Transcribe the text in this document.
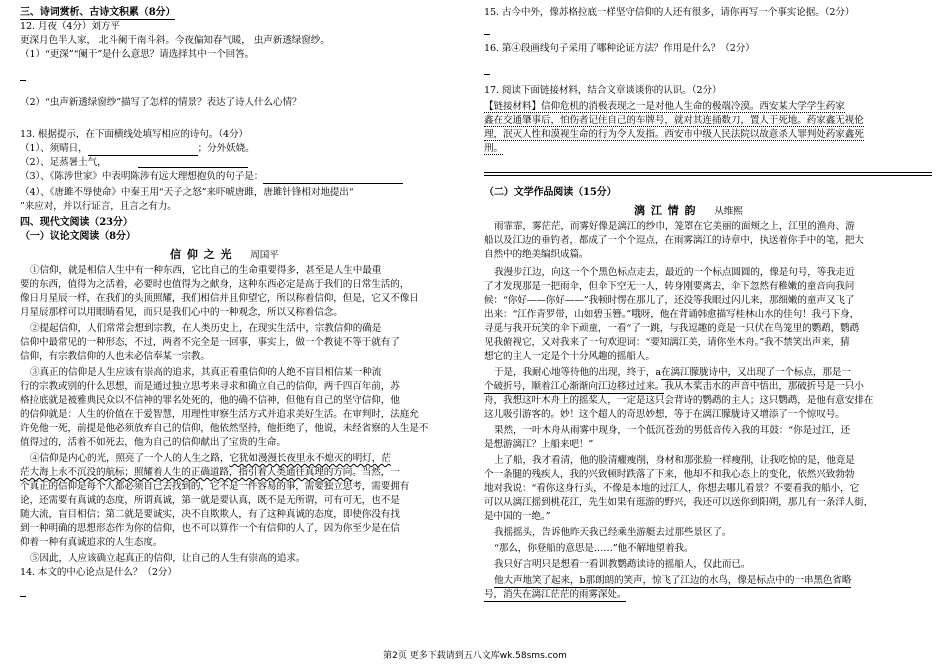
三、诗词赏析、古诗文积累（8分）
12. 月夜（4分）刘方平
更深月色半人家， 北斗阑干南斗斜。今夜偏知春气暖， 虫声新透绿窗纱。
（1）“更深”“阑干”是什么意思？请选择其中一个回答。
（2）“虫声新透绿窗纱”描写了怎样的情景？表达了诗人什么心情？
13. 根据提示，在下面横线处填写相应的诗句。（4分）
（1）、须晴日，	；分外妖娆。
（2）、足蒸暑土气，
（3）、《陈涉世家》中表明陈涉有远大理想抱负的句子是：
（4）、《唐雎不辱使命》中秦王用“天子之怒”来吓唬唐雎，唐雎针锋相对地提出“
”来应对，并以行证言，且言之有力。
四、现代文阅读（23分）
（一）议论文阅读（8分）
信 仰 之 光 周国平
①信仰，就是相信人生中有一种东西，它比自己的生命重要得多，甚至是人生中最重
要的东西，值得为之活着，必要时也值得为之献身，这种东西必定是高于我们的日常生活的，
像日月星辰一样，在我们的头顶照耀，我们相信并且仰望它，所以称着信仰，但是，它又不像日
月星辰那样可以用眼睛看见，而只是我们心中的一种观念，所以又称着信念。
②提起信仰，人们常常会想到宗教，在人类历史上，在现实生活中，宗教信仰的确是
信仰中最常见的一种形态，不过，两者不完全是一回事，事实上，做一个教徒不等于就有了
信仰，有宗教信仰的人也未必信奉某一宗教。
③真正的信仰是人生应该有崇高的追求，其真正看重信仰的人绝不盲目相信某一种流
行的宗教或别的什么思想，而是通过独立思考来寻求和确立自己的信仰，两千四百年前，苏
格拉底就是被雅典民众以不信神的罪名处死的，他的确不信神，但他有自己的坚守信仰，他
的信仰就是：人生的价值在于爱智慧，用理性审察生活方式并追求美好生活。在审判时，法庭允
许免他一死，前提是他必须放弃自己的信仰，他依然坚持，他拒绝了，他说，未经省察的人生是不
值得过的，活着不如死去，他为自己的信仰献出了宝贵的生命。
④信仰是内心的光，照亮了一个人的人生之路，它犹如漫漫长夜里永不熄灭的明灯，茫
茫大海上永不沉没的航标；照耀着人生的正确道路，指引着人类通往真理的方向。当然，一
个真正的信仰是每个人都必须自己去找到的，它不是一件容易的事，需要独立思考，需要拥有
论，还需要有真诚的态度，所谓真诚，第一就是要认真，既不是无所谓，可有可无，也不是
随大流，盲目相信；第二就是要诚实，决不自欺欺人，有了这种真诚的态度，即使你没有找
到一种明确的思想形态作为你的信仰，也不可以算作一个有信仰的人了，因为你至少是在信
仰着一种有真诚追求的人生态度。
⑤因此，人应该确立起真正的信仰，让自己的人生有崇高的追求。
14. 本文的中心论点是什么？（2分）
15. 古今中外，像苏格拉底一样坚守信仰的人还有很多，请你再写一个事实论据。（2分）
16. 第④段画线句子采用了哪种论证方法？作用是什么？（2分）
17. 阅读下面链接材料，结合文章谈谈你的认识。（2分）
【链接材料】信仰危机的消极表现之一是对他人生命的极端冷漠。西安某大学学生药家
鑫在交通肇事后，怕伤者记住自己的车牌号，就对其连捅数刀，置人于死地。药家鑫无视伦
理，泯灭人性和漠视生命的行为令人发指。西安市中级人民法院以故意杀人罪判处药家鑫死
刑。
（二）文学作品阅读（15分）
漓 江 情 韵 从维熙
雨霏霏，雾茫茫，而雾好像是漓江的纱巾，笼罩在它美丽的面颊之上，江里的渔舟、游
船以及江边的垂钓者，都成了一个个逗点，在雨雾漓江的诗章中，执送着你手中的笔，把大
自然中的绝美编织成篇。
我漫步江边，向这一个个黑色标点走去，最近的一个标点圆圆的，像是句号，等我走近
了才发现那是一把雨伞，但伞下空无一人，转身刚要离去，伞下忽然有稚嫩的童音向我问
候：“你好——你好——”我顿时愣在那儿了，还没等我眼过闪儿来，那细嫩的童声又飞了
出来：“江作青罗带，山如碧玉簪。”哦呀，他在背诵韩愈描写桂林山水的佳句！我弓下身，
寻觅与我开玩笑的伞下顽童，一看“了一跳，与我逗趣的竟是一只伏在鸟笼里的鹦鹉，鹦鹉
见我俯视它，又对我来了一句欢迎词：“要知漓江美，请你坐木舟。”我不禁笑出声来，猜
想它的主人一定是个十分风趣的摇船人。
于是，我耐心地等待他的出现，终于，a在漓江朦胧诗中，又出现了一个标点，那是一
个破折号，顺着江心渐渐向江边移过过来。我从木桨击水的声音中悟出，那破折号是一只小
舟，我想这叶木舟上的摇桨人，一定是这只会背诗的鹦鹉的主人；这只鹦鹉，是他有意安排在
这儿吸引游客的。妙！这个超人的奇思妙想，等于在漓江朦胧诗又增添了一个惊叹号。
果然，一叶木舟从雨雾中现身，一个低沉苍劲的男低音传入我的耳鼓：“你是过江，还
是想游漓江？上船来吧！”
上了船，我才看清，他的脸清癯瘦削，身材和那张脸一样瘦削，让我吃惊的是，他竟是
个一条腿的残疾人，我的兴致顿时跌落了下来，他却不和我心态上的变化，依然兴致勃勃
地对我说：“看你这身行头，不像是本地的过江人，你想去哪儿看景？不要看我的船小，它
可以从漓江摇到桃花江，先生如果有逛游的野兴，我还可以送你到阳朔，那儿有一条洋人街，
是中国的一绝。”
我摇摇头，告诉他昨天我已经乘坐游艇去过那些景区了。
“那么，你登船的意思是……”他不解地望着我。
我只好言明只是想看一看训教鹦鹉读诗的摇船人，仅此而已。
他大声地笑了起来，b那朗朗的笑声，惊飞了江边的水鸟，像是标点中的一串黑色省略
号，消失在漓江茫茫的雨雾深处。
第2页 更多下载请到五八文库wk.58sms.com
